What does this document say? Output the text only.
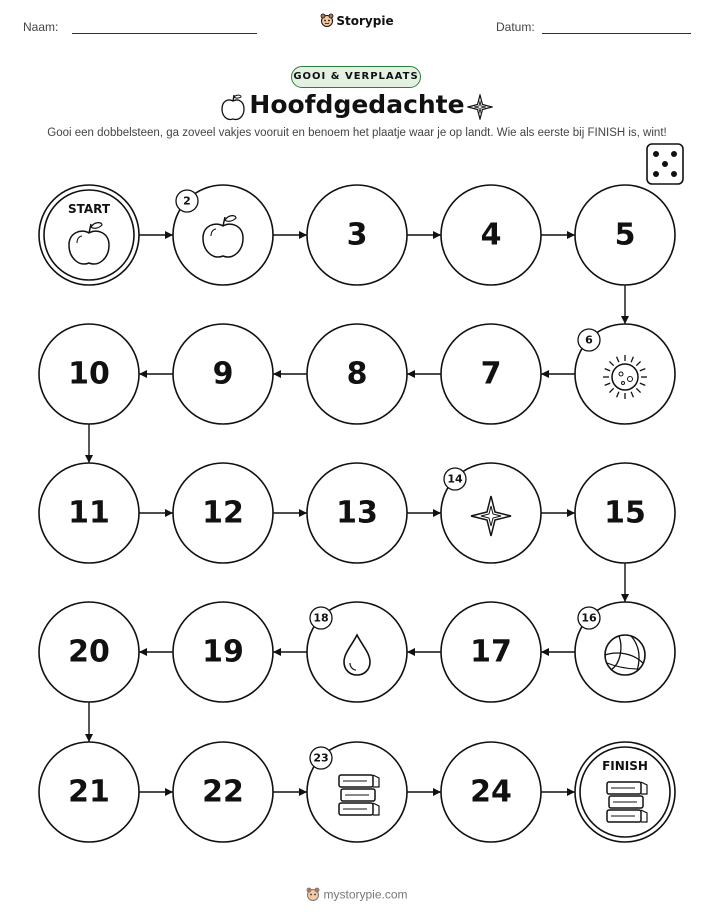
Naam:	Datum:
Storypie
GOOI & VERPLAATS
Hoofdgedachte
Gooi een dobbelsteen, ga zoveel vakjes vooruit en benoem het plaatje waar je op landt. Wie als eerste bij FINISH is, wint!
START
2
3	4	5
6
7
8
9
10
11	12	13
14
15
16
17
18
19
20
21	22
23
24
FINISH
mystorypie.com
